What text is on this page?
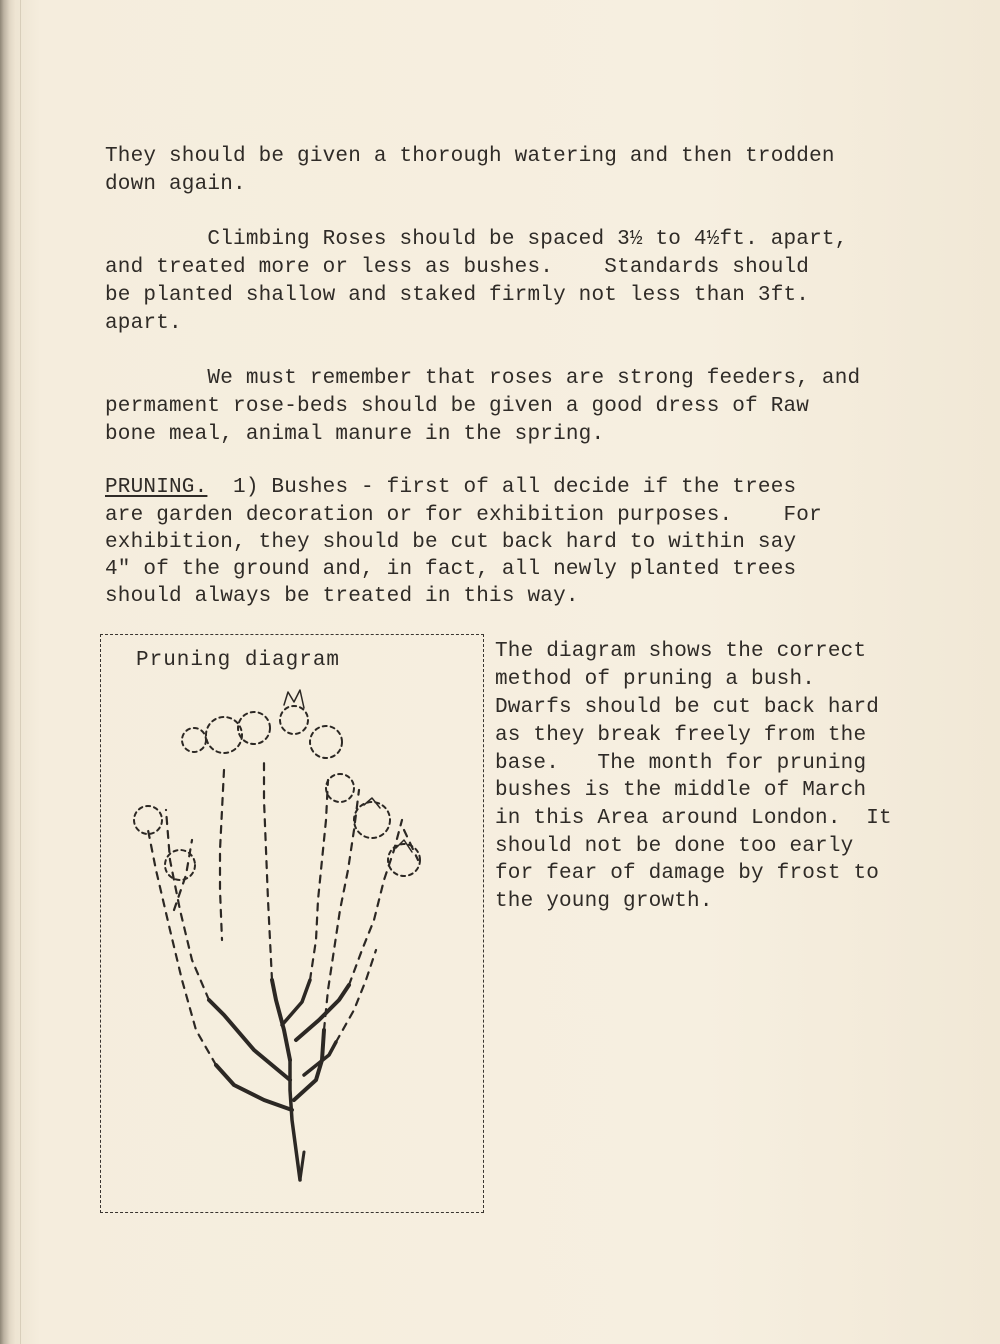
They should be given a thorough watering and then trodden
down again.
Climbing Roses should be spaced 3½ to 4½ft. apart,
and treated more or less as bushes.    Standards should
be planted shallow and staked firmly not less than 3ft.
apart.
We must remember that roses are strong feeders, and
permament rose-beds should be given a good dress of Raw
bone meal, animal manure in the spring.
PRUNING.  1) Bushes - first of all decide if the trees
are garden decoration or for exhibition purposes.    For
exhibition, they should be cut back hard to within say
4" of the ground and, in fact, all newly planted trees
should always be treated in this way.
Pruning diagram	The diagram shows the correct
method of pruning a bush.
Dwarfs should be cut back hard
as they break freely from the
base.   The month for pruning
bushes is the middle of March
in this Area around London.  It
should not be done too early
for fear of damage by frost to
the young growth.
